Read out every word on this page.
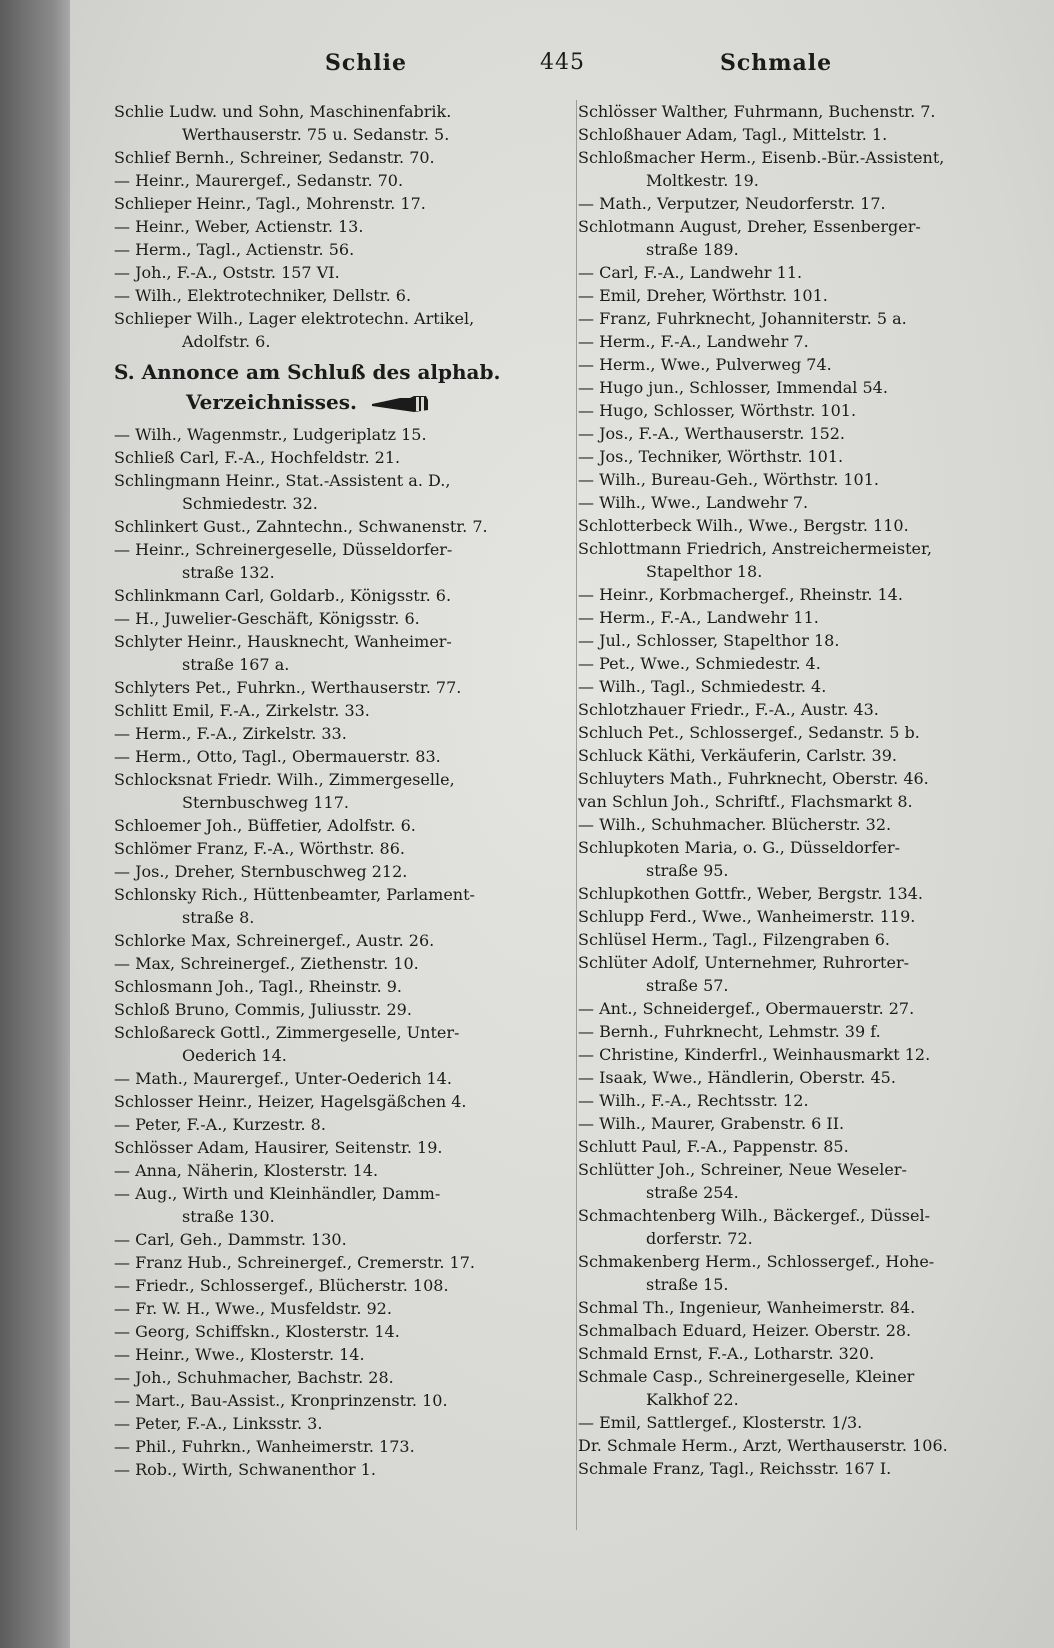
Schlie	445	Schmale
Schlie Ludw. und Sohn, Maschinenfabrik.
Werthauserstr. 75 u. Sedanstr. 5.
Schlief Bernh., Schreiner, Sedanstr. 70.
— Heinr., Maurergef., Sedanstr. 70.
Schlieper Heinr., Tagl., Mohrenstr. 17.
— Heinr., Weber, Actienstr. 13.
— Herm., Tagl., Actienstr. 56.
— Joh., F.-A., Oststr. 157 VI.
— Wilh., Elektrotechniker, Dellstr. 6.
Schlieper Wilh., Lager elektrotechn. Artikel,
Adolfstr. 6.
S. Annonce am Schluß des alphab.
Verzeichnisses.
— Wilh., Wagenmstr., Ludgeriplatz 15.
Schließ Carl, F.-A., Hochfeldstr. 21.
Schlingmann Heinr., Stat.-Assistent a. D.,
Schmiedestr. 32.
Schlinkert Gust., Zahntechn., Schwanenstr. 7.
— Heinr., Schreinergeselle, Düsseldorfer-
straße 132.
Schlinkmann Carl, Goldarb., Königsstr. 6.
— H., Juwelier-Geschäft, Königsstr. 6.
Schlyter Heinr., Hausknecht, Wanheimer-
straße 167 a.
Schlyters Pet., Fuhrkn., Werthauserstr. 77.
Schlitt Emil, F.-A., Zirkelstr. 33.
— Herm., F.-A., Zirkelstr. 33.
— Herm., Otto, Tagl., Obermauerstr. 83.
Schlocksnat Friedr. Wilh., Zimmergeselle,
Sternbuschweg 117.
Schloemer Joh., Büffetier, Adolfstr. 6.
Schlömer Franz, F.-A., Wörthstr. 86.
— Jos., Dreher, Sternbuschweg 212.
Schlonsky Rich., Hüttenbeamter, Parlament-
straße 8.
Schlorke Max, Schreinergef., Austr. 26.
— Max, Schreinergef., Ziethenstr. 10.
Schlosmann Joh., Tagl., Rheinstr. 9.
Schloß Bruno, Commis, Juliusstr. 29.
Schloßareck Gottl., Zimmergeselle, Unter-
Oederich 14.
— Math., Maurergef., Unter-Oederich 14.
Schlosser Heinr., Heizer, Hagelsgäßchen 4.
— Peter, F.-A., Kurzestr. 8.
Schlösser Adam, Hausirer, Seitenstr. 19.
— Anna, Näherin, Klosterstr. 14.
— Aug., Wirth und Kleinhändler, Damm-
straße 130.
— Carl, Geh., Dammstr. 130.
— Franz Hub., Schreinergef., Cremerstr. 17.
— Friedr., Schlossergef., Blücherstr. 108.
— Fr. W. H., Wwe., Musfeldstr. 92.
— Georg, Schiffskn., Klosterstr. 14.
— Heinr., Wwe., Klosterstr. 14.
— Joh., Schuhmacher, Bachstr. 28.
— Mart., Bau-Assist., Kronprinzenstr. 10.
— Peter, F.-A., Linksstr. 3.
— Phil., Fuhrkn., Wanheimerstr. 173.
— Rob., Wirth, Schwanenthor 1.
Schlösser Walther, Fuhrmann, Buchenstr. 7.
Schloßhauer Adam, Tagl., Mittelstr. 1.
Schloßmacher Herm., Eisenb.-Bür.-Assistent,
Moltkestr. 19.
— Math., Verputzer, Neudorferstr. 17.
Schlotmann August, Dreher, Essenberger-
straße 189.
— Carl, F.-A., Landwehr 11.
— Emil, Dreher, Wörthstr. 101.
— Franz, Fuhrknecht, Johanniterstr. 5 a.
— Herm., F.-A., Landwehr 7.
— Herm., Wwe., Pulverweg 74.
— Hugo jun., Schlosser, Immendal 54.
— Hugo, Schlosser, Wörthstr. 101.
— Jos., F.-A., Werthauserstr. 152.
— Jos., Techniker, Wörthstr. 101.
— Wilh., Bureau-Geh., Wörthstr. 101.
— Wilh., Wwe., Landwehr 7.
Schlotterbeck Wilh., Wwe., Bergstr. 110.
Schlottmann Friedrich, Anstreichermeister,
Stapelthor 18.
— Heinr., Korbmachergef., Rheinstr. 14.
— Herm., F.-A., Landwehr 11.
— Jul., Schlosser, Stapelthor 18.
— Pet., Wwe., Schmiedestr. 4.
— Wilh., Tagl., Schmiedestr. 4.
Schlotzhauer Friedr., F.-A., Austr. 43.
Schluch Pet., Schlossergef., Sedanstr. 5 b.
Schluck Käthi, Verkäuferin, Carlstr. 39.
Schluyters Math., Fuhrknecht, Oberstr. 46.
van Schlun Joh., Schriftf., Flachsmarkt 8.
— Wilh., Schuhmacher. Blücherstr. 32.
Schlupkoten Maria, o. G., Düsseldorfer-
straße 95.
Schlupkothen Gottfr., Weber, Bergstr. 134.
Schlupp Ferd., Wwe., Wanheimerstr. 119.
Schlüsel Herm., Tagl., Filzengraben 6.
Schlüter Adolf, Unternehmer, Ruhrorter-
straße 57.
— Ant., Schneidergef., Obermauerstr. 27.
— Bernh., Fuhrknecht, Lehmstr. 39 f.
— Christine, Kinderfrl., Weinhausmarkt 12.
— Isaak, Wwe., Händlerin, Oberstr. 45.
— Wilh., F.-A., Rechtsstr. 12.
— Wilh., Maurer, Grabenstr. 6 II.
Schlutt Paul, F.-A., Pappenstr. 85.
Schlütter Joh., Schreiner, Neue Weseler-
straße 254.
Schmachtenberg Wilh., Bäckergef., Düssel-
dorferstr. 72.
Schmakenberg Herm., Schlossergef., Hohe-
straße 15.
Schmal Th., Ingenieur, Wanheimerstr. 84.
Schmalbach Eduard, Heizer. Oberstr. 28.
Schmald Ernst, F.-A., Lotharstr. 320.
Schmale Casp., Schreinergeselle, Kleiner
Kalkhof 22.
— Emil, Sattlergef., Klosterstr. 1/3.
Dr. Schmale Herm., Arzt, Werthauserstr. 106.
Schmale Franz, Tagl., Reichsstr. 167 I.
